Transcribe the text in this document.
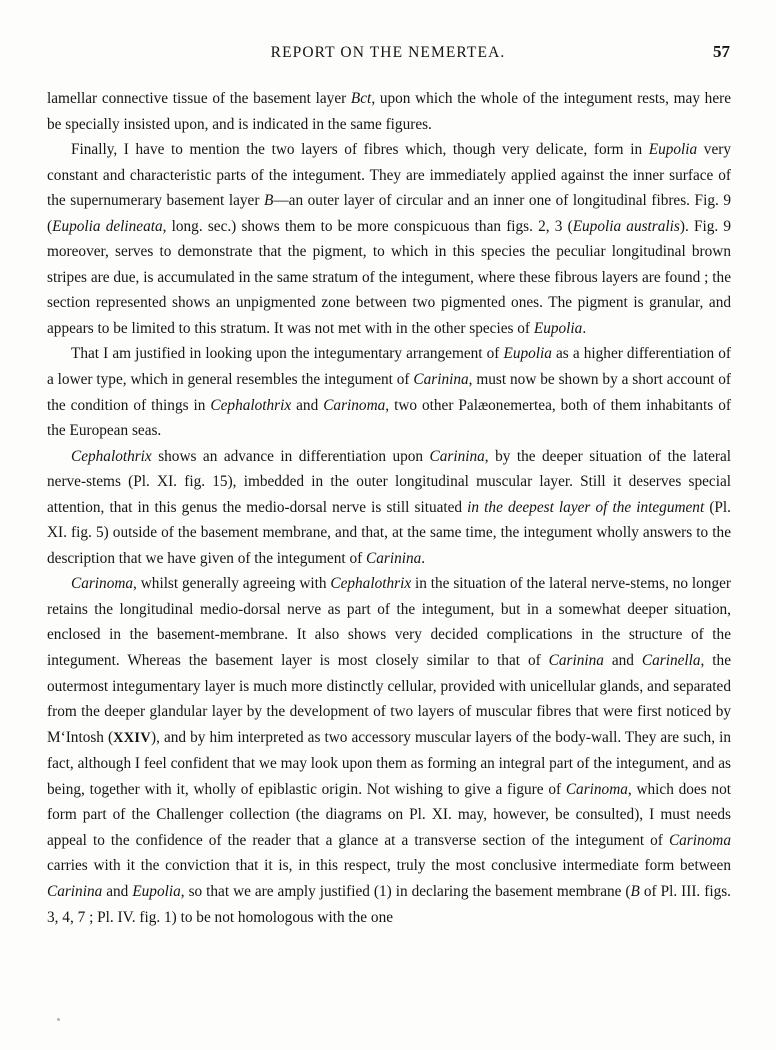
REPORT ON THE NEMERTEA.	57

lamellar connective tissue of the basement layer Bct, upon which the whole of the integument rests, may here be specially insisted upon, and is indicated in the same figures.

Finally, I have to mention the two layers of fibres which, though very delicate, form in Eupolia very constant and characteristic parts of the integument. They are immediately applied against the inner surface of the supernumerary basement layer B—an outer layer of circular and an inner one of longitudinal fibres. Fig. 9 (Eupolia delineata, long. sec.) shows them to be more conspicuous than figs. 2, 3 (Eupolia australis). Fig. 9 moreover, serves to demonstrate that the pigment, to which in this species the peculiar longitudinal brown stripes are due, is accumulated in the same stratum of the integument, where these fibrous layers are found ; the section represented shows an unpigmented zone between two pigmented ones. The pigment is granular, and appears to be limited to this stratum. It was not met with in the other species of Eupolia.

That I am justified in looking upon the integumentary arrangement of Eupolia as a higher differentiation of a lower type, which in general resembles the integument of Carinina, must now be shown by a short account of the condition of things in Cephalothrix and Carinoma, two other Palæonemertea, both of them inhabitants of the European seas.

Cephalothrix shows an advance in differentiation upon Carinina, by the deeper situation of the lateral nerve-stems (Pl. XI. fig. 15), imbedded in the outer longitudinal muscular layer. Still it deserves special attention, that in this genus the medio-dorsal nerve is still situated in the deepest layer of the integument (Pl. XI. fig. 5) outside of the basement membrane, and that, at the same time, the integument wholly answers to the description that we have given of the integument of Carinina.

Carinoma, whilst generally agreeing with Cephalothrix in the situation of the lateral nerve-stems, no longer retains the longitudinal medio-dorsal nerve as part of the integument, but in a somewhat deeper situation, enclosed in the basement-membrane. It also shows very decided complications in the structure of the integument. Whereas the basement layer is most closely similar to that of Carinina and Carinella, the outermost integumentary layer is much more distinctly cellular, provided with unicellular glands, and separated from the deeper glandular layer by the development of two layers of muscular fibres that were first noticed by M‘Intosh (XXIV), and by him interpreted as two accessory muscular layers of the body-wall. They are such, in fact, although I feel confident that we may look upon them as forming an integral part of the integument, and as being, together with it, wholly of epiblastic origin. Not wishing to give a figure of Carinoma, which does not form part of the Challenger collection (the diagrams on Pl. XI. may, however, be consulted), I must needs appeal to the confidence of the reader that a glance at a transverse section of the integument of Carinoma carries with it the conviction that it is, in this respect, truly the most conclusive intermediate form between Carinina and Eupolia, so that we are amply justified (1) in declaring the basement membrane (B of Pl. III. figs. 3, 4, 7 ; Pl. IV. fig. 1) to be not homologous with the one
